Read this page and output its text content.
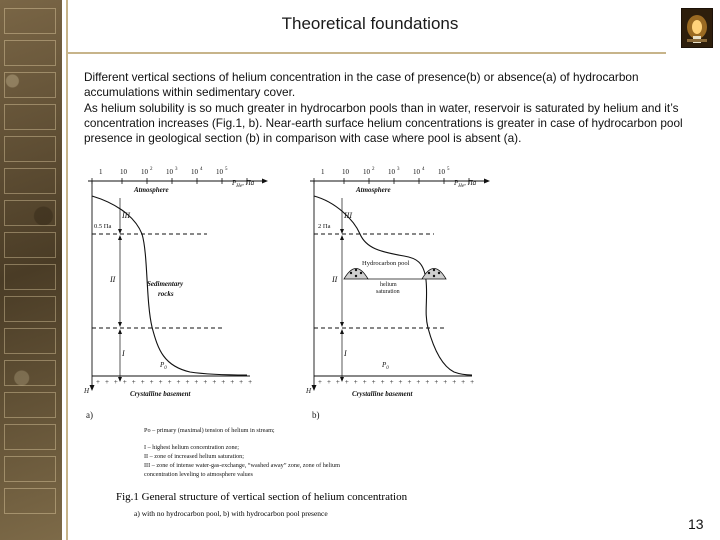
Theoretical foundations

Different vertical sections of helium concentration in the case of presence(b) or absence(a) of hydrocarbon accumulations within sedimentary cover.

As helium solubility is so much greater in hydrocarbon pools than in water, reservoir is saturated by helium and it’s concentration increases (Fig.1, b). Near-earth surface helium concentrations is greater in case of hydrocarbon pool presence in geological section (b) in comparison with case where pool is absent (a).

1	10 10 2 10 3 10 4 10 5
$P_{He}$, Па
Atmosphere
H
0.5 Па
III
II
I
Sedimentary
rocks
$P_0$
++++++++++++++++++
Crystalline basement
a)
1	10 10 2 10 3 10 4 10 5
$P_{He}$, Па
Atmosphere
H
2 Па
III
II
I
Hydrocarbon pool
helium
saturation
$P_0$
++++++++++++++++++
Crystalline basement
b)
Po – primary (maximal) tension of helium in stream;
I – highest helium concentration zone;
II – zone of increased helium saturation;
III – zone of intense water-gas-exchange, “washed away” zone, zone of helium
concentration leveling to atmosphere values
Fig.1 General structure of vertical section of helium concentration
a) with no hydrocarbon pool, b) with hydrocarbon pool presence
13
